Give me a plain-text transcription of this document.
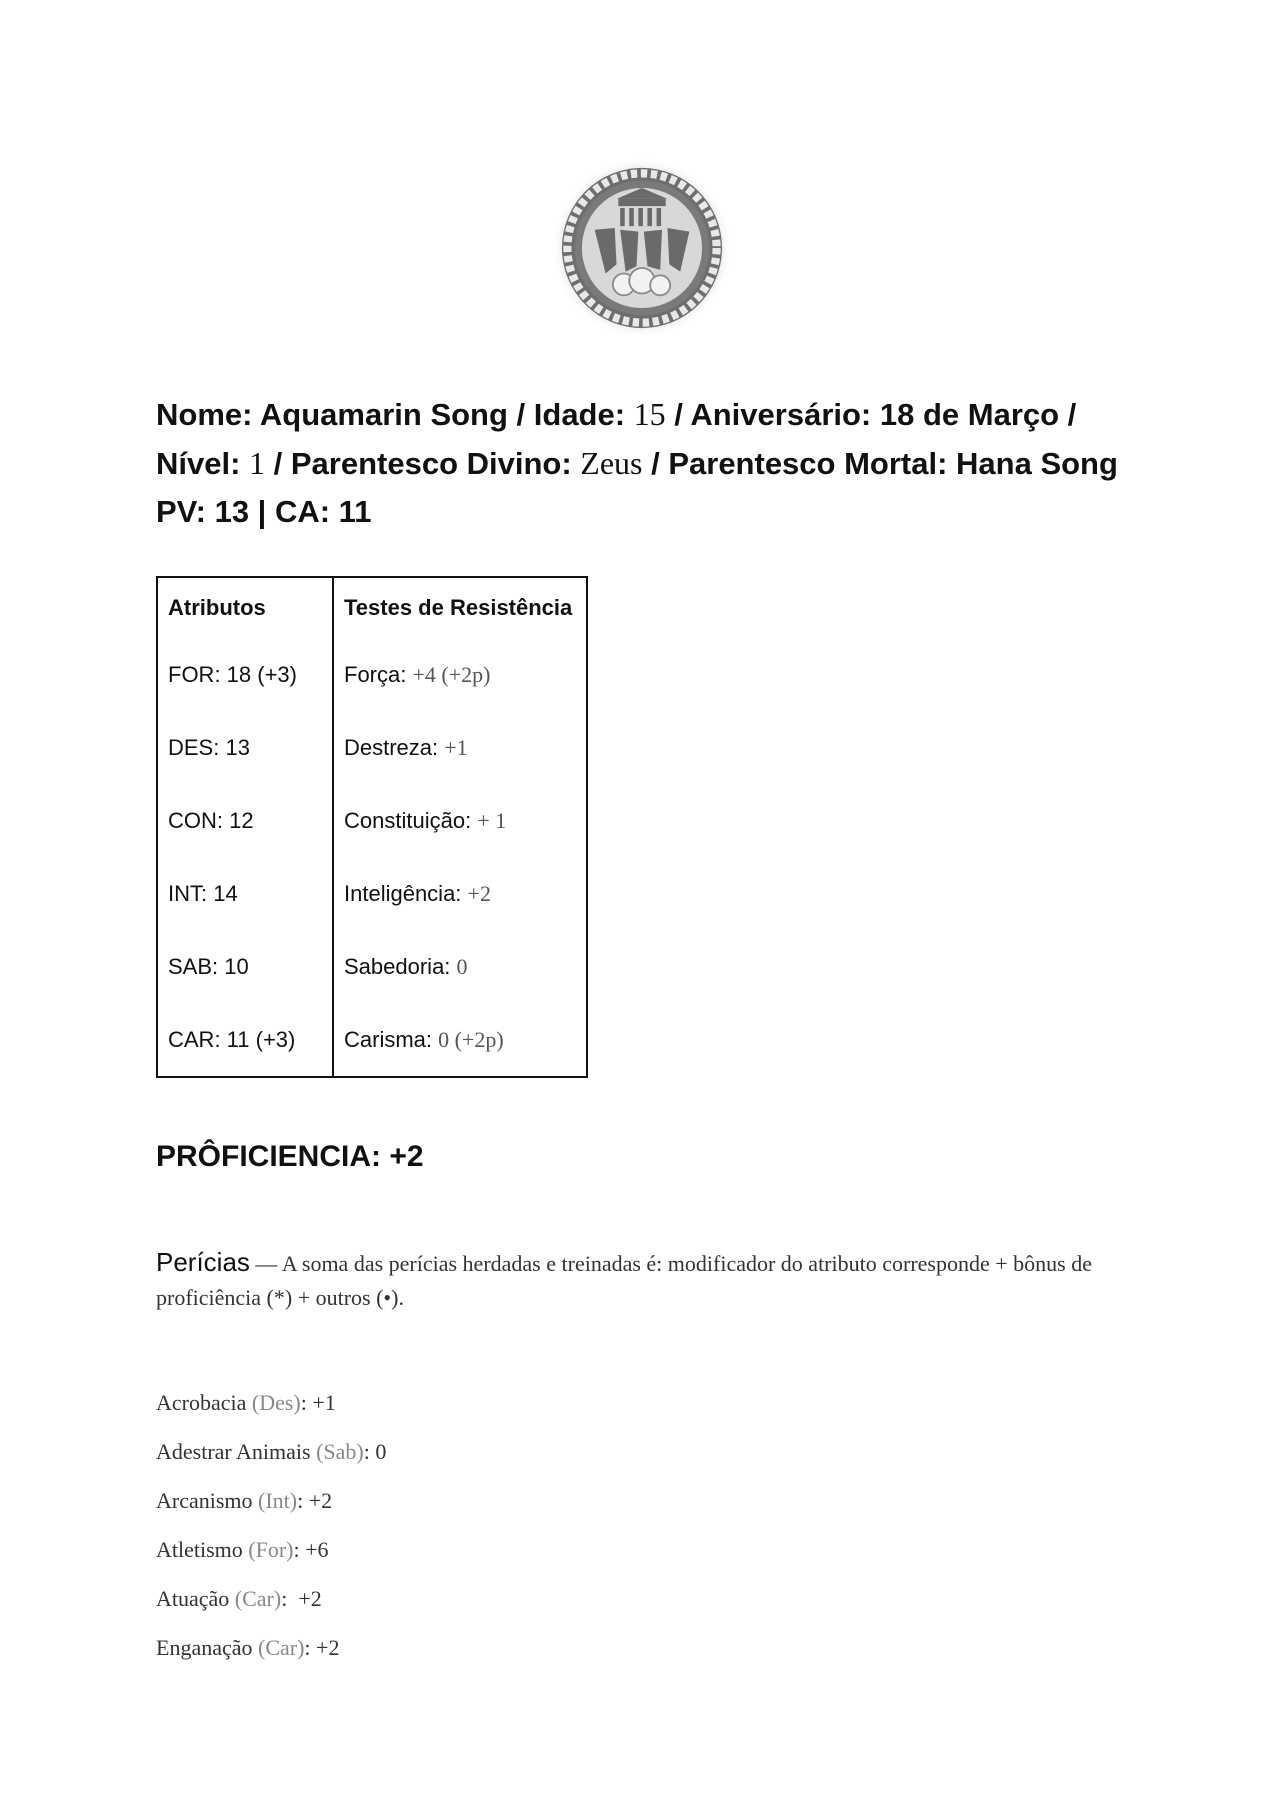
Nome: Aquamarin Song / Idade: 15 / Aniversário: 18 de Março /
Nível: 1 / Parentesco Divino: Zeus / Parentesco Mortal: Hana Song
PV: 13 | CA: 11
Atributos	Testes de Resistência
FOR: 18 (+3)	Força: +4 (+2p)
DES: 13	Destreza: +1
CON: 12	Constituição: + 1
INT: 14	Inteligência: +2
SAB: 10	Sabedoria: 0
CAR: 11 (+3)	Carisma: 0 (+2p)
PRÔFICIENCIA: +2
Perícias — A soma das perícias herdadas e treinadas é: modificador do atributo corresponde + bônus de proficiência (*) + outros (•).
Acrobacia (Des): +1
Adestrar Animais (Sab): 0
Arcanismo (Int): +2
Atletismo (For): +6
Atuação (Car):  +2
Enganação (Car): +2
